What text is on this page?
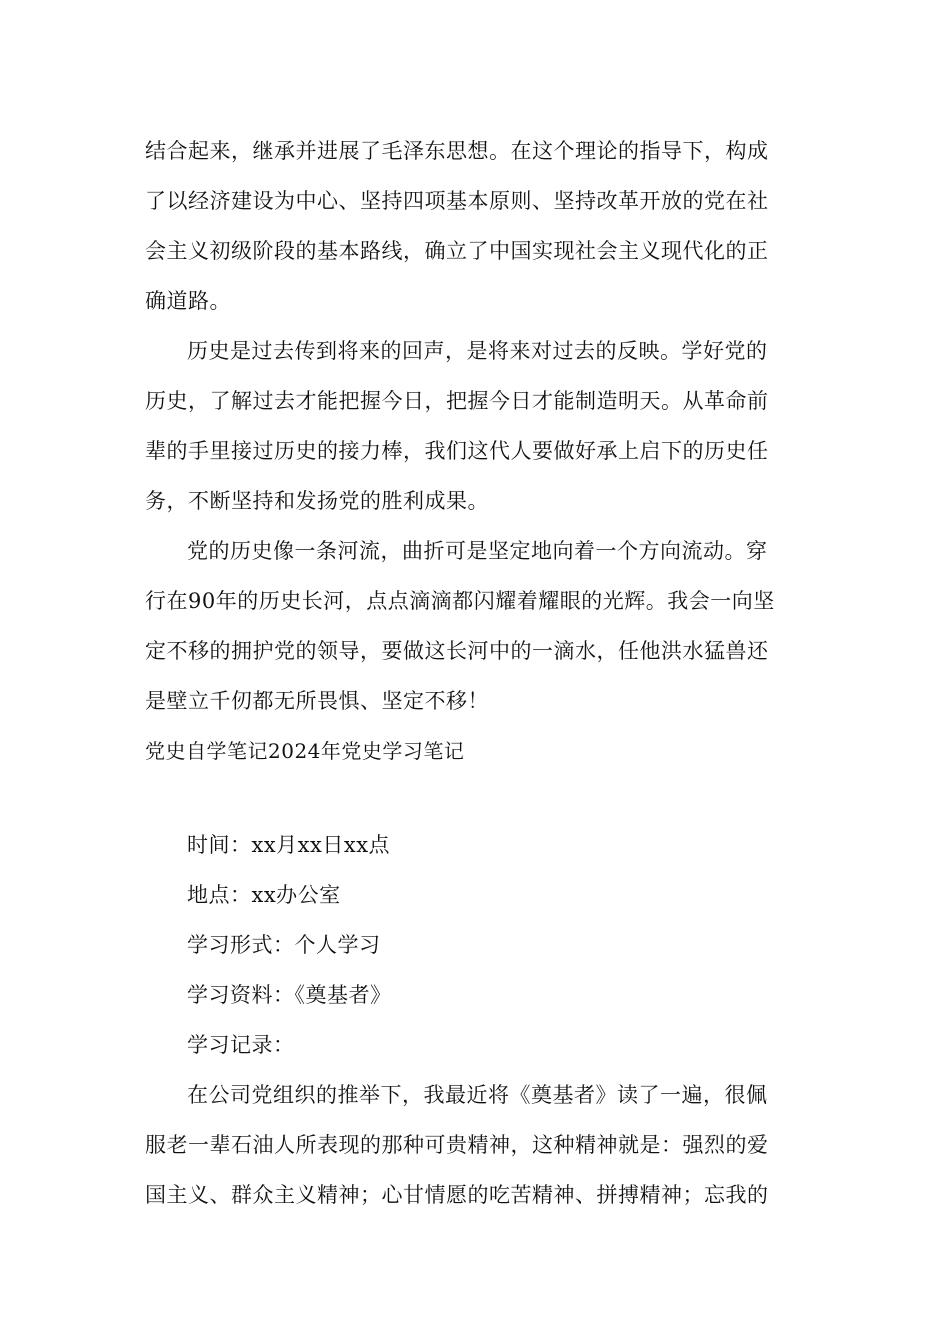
结合起来，继承并进展了毛泽东思想。在这个理论的指导下，构成
了以经济建设为中心、坚持四项基本原则、坚持改革开放的党在社
会主义初级阶段的基本路线，确立了中国实现社会主义现代化的正
确道路。
历史是过去传到将来的回声，是将来对过去的反映。学好党的
历史，了解过去才能把握今日，把握今日才能制造明天。从革命前
辈的手里接过历史的接力棒，我们这代人要做好承上启下的历史任
务，不断坚持和发扬党的胜利成果。
党的历史像一条河流，曲折可是坚定地向着一个方向流动。穿
行在90年的历史长河，点点滴滴都闪耀着耀眼的光辉。我会一向坚
定不移的拥护党的领导，要做这长河中的一滴水，任他洪水猛兽还
是壁立千仞都无所畏惧、坚定不移！
党史自学笔记2024年党史学习笔记
时间：xx月xx日xx点
地点：xx办公室
学习形式：个人学习
学习资料：《奠基者》
学习记录：
在公司党组织的推举下，我最近将《奠基者》读了一遍，很佩
服老一辈石油人所表现的那种可贵精神，这种精神就是：强烈的爱
国主义、群众主义精神；心甘情愿的吃苦精神、拼搏精神；忘我的
